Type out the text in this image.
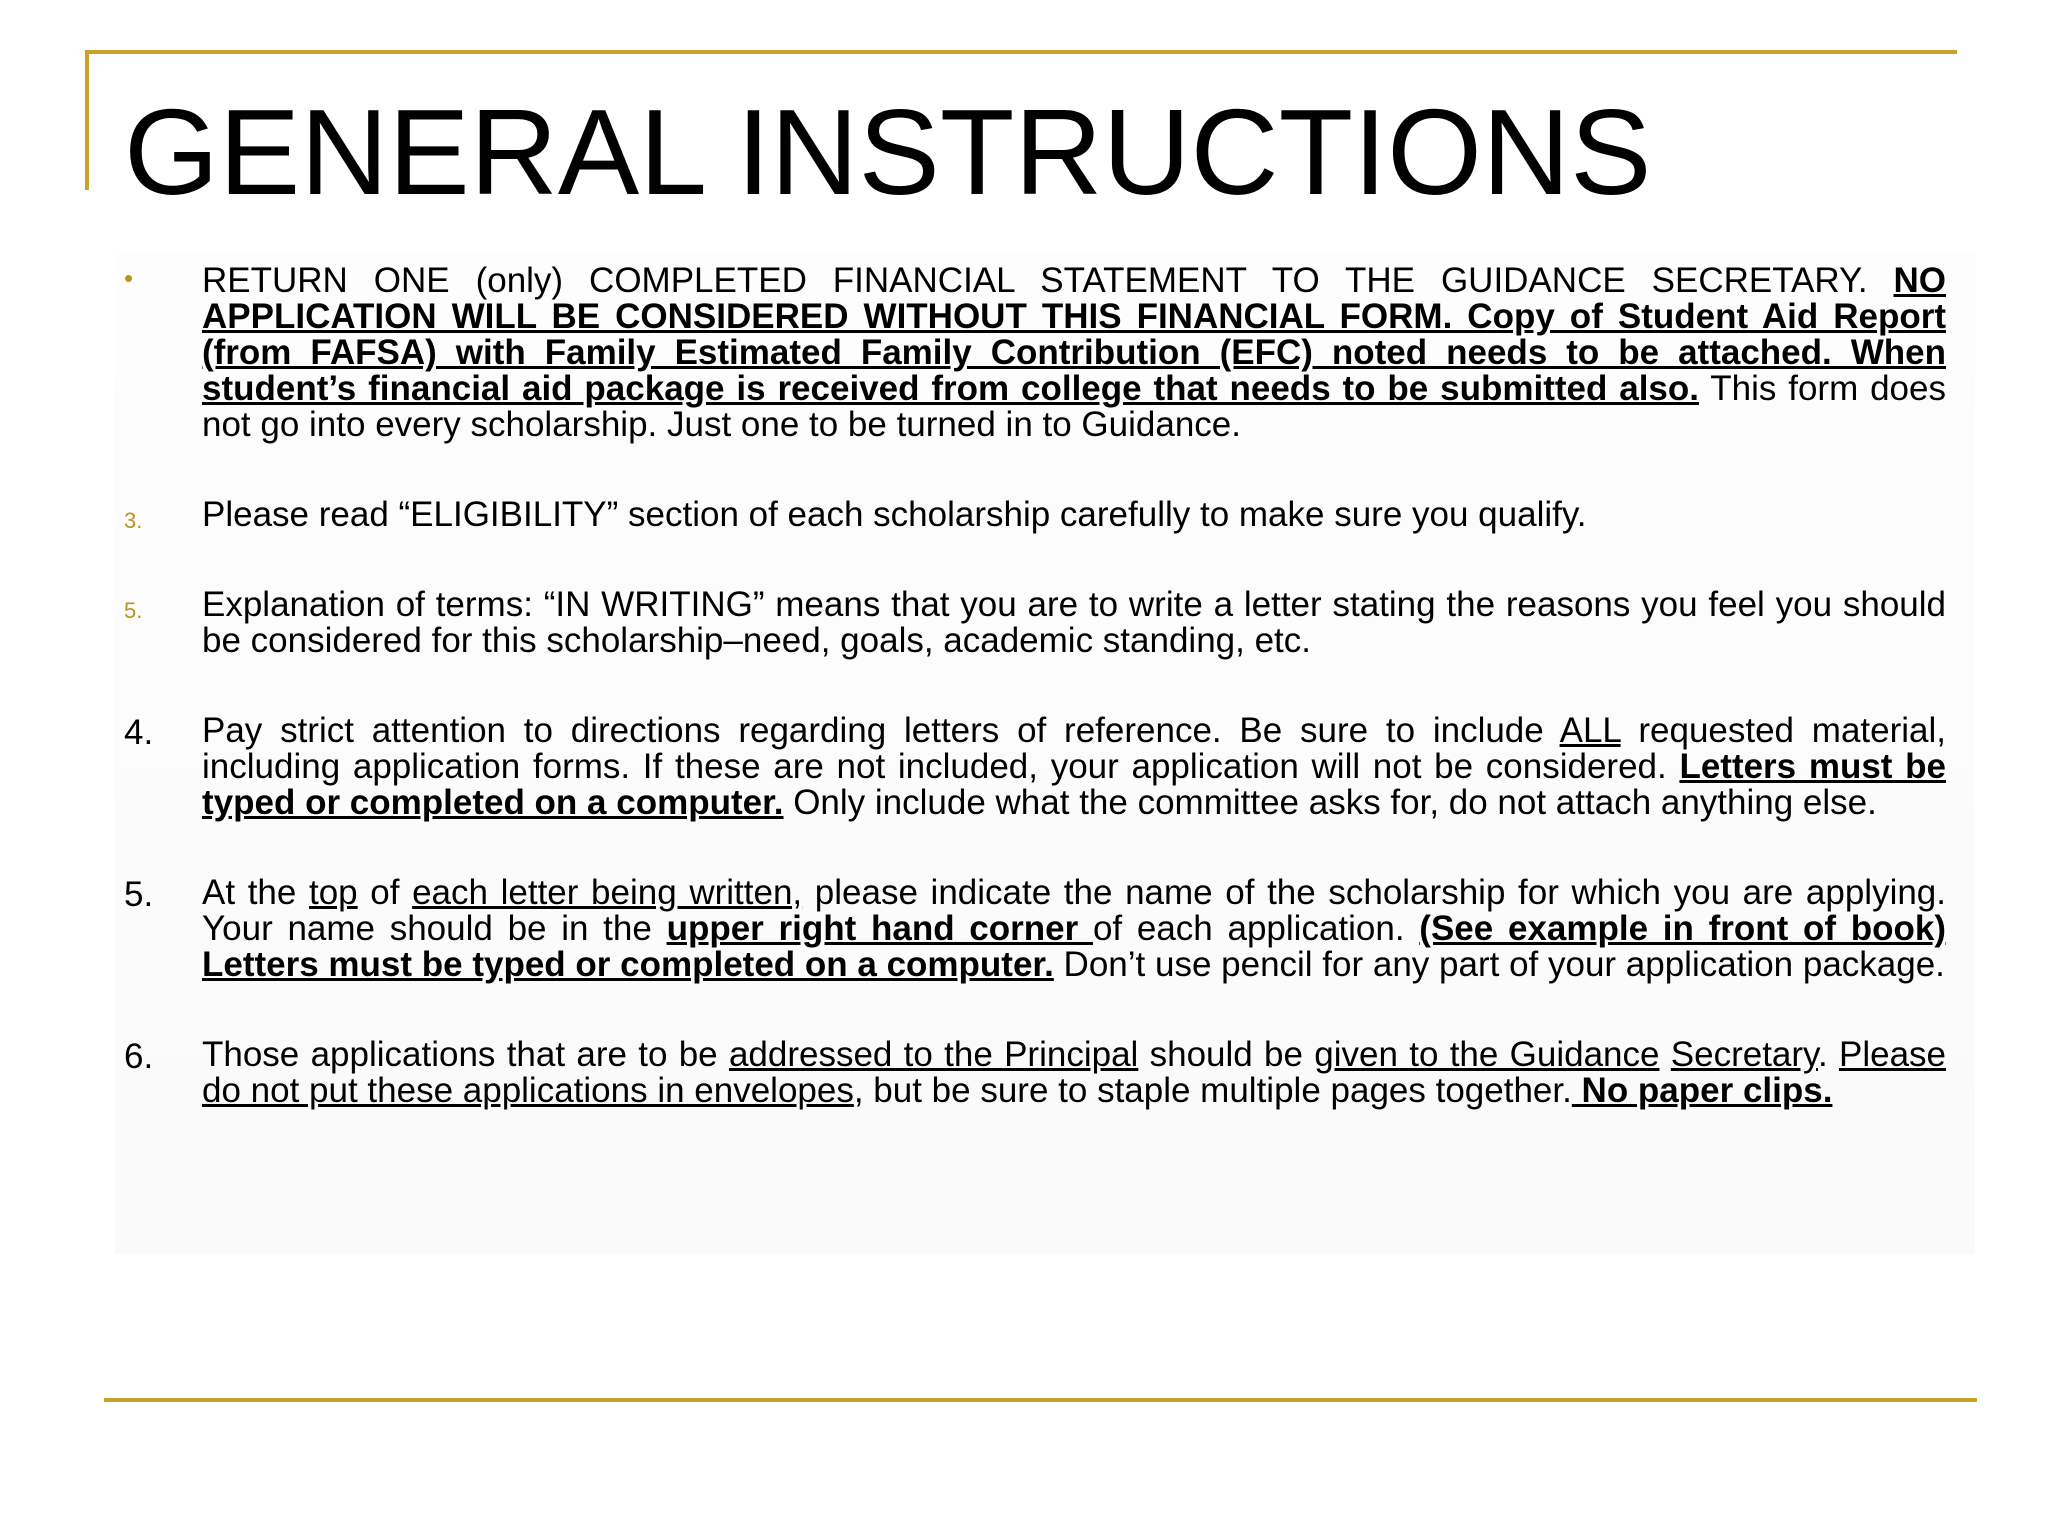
GENERAL INSTRUCTIONS
• RETURN ONE (only) COMPLETED FINANCIAL STATEMENT TO THE GUIDANCE SECRETARY. NO APPLICATION WILL BE CONSIDERED WITHOUT THIS FINANCIAL FORM. Copy of Student Aid Report (from FAFSA) with Family Estimated Family Contribution (EFC) noted needs to be attached. When student’s financial aid package is received from college that needs to be submitted also. This form does not go into every scholarship. Just one to be turned in to Guidance.
3. Please read “ELIGIBILITY” section of each scholarship carefully to make sure you qualify.
5. Explanation of terms: “IN WRITING” means that you are to write a letter stating the reasons you feel you should be considered for this scholarship–need, goals, academic standing, etc.
4. Pay strict attention to directions regarding letters of reference. Be sure to include ALL requested material, including application forms. If these are not included, your application will not be considered. Letters must be typed or completed on a computer. Only include what the committee asks for, do not attach anything else.
5. At the top of each letter being written, please indicate the name of the scholarship for which you are applying. Your name should be in the upper right hand corner of each application. (See example in front of book) Letters must be typed or completed on a computer. Don’t use pencil for any part of your application package.
6. Those applications that are to be addressed to the Principal should be given to the Guidance Secretary. Please do not put these applications in envelopes, but be sure to staple multiple pages together. No paper clips.
